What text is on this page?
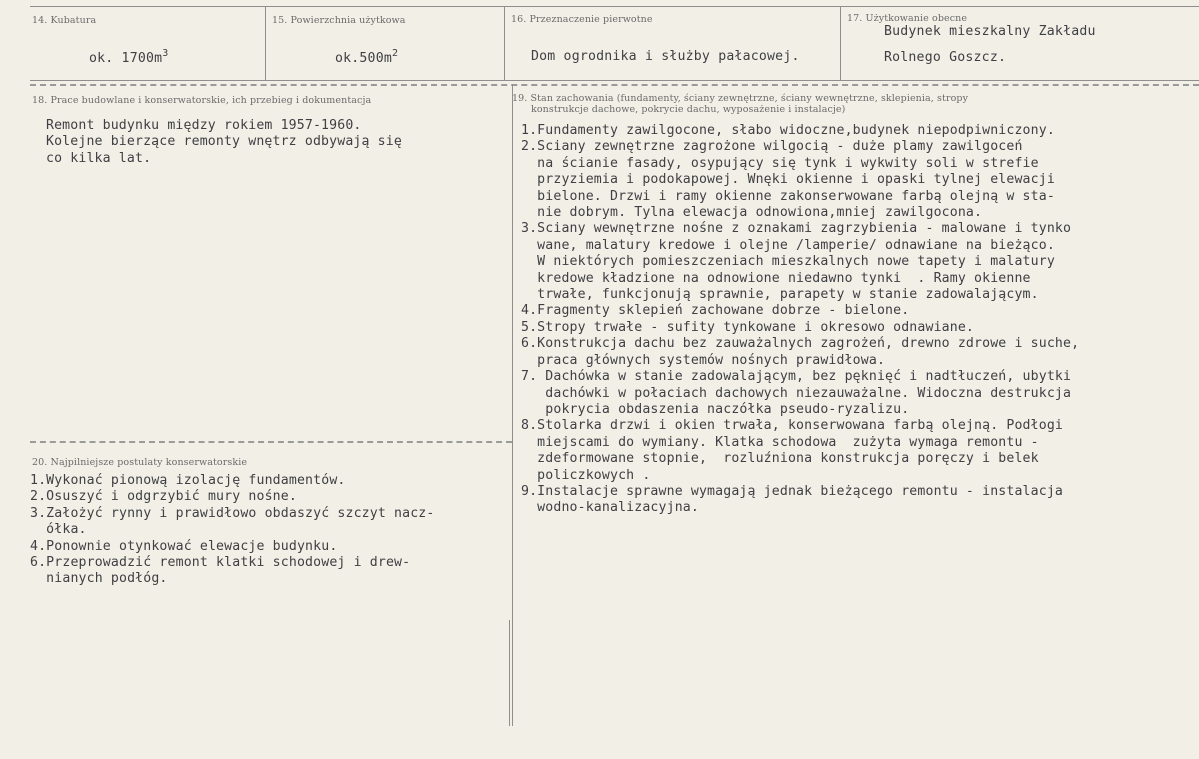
14. Kubatura
ok. $1700m^3$
15. Powierzchnia użytkowa
$ok.500m^2$
16. Przeznaczenie pierwotne
Dom ogrodnika i służby pałacowej.
17. Użytkowanie obecne
Budynek mieszkalny Zakładu
Rolnego Goszcz.
18. Prace budowlane i konserwatorskie, ich przebieg i dokumentacja
Remont budynku między rokiem 1957-1960.
Kolejne bierzące remonty wnętrz odbywają się
co kilka lat.
19. Stan zachowania (fundamenty, ściany zewnętrzne, ściany wewnętrzne, sklepienia, stropy
konstrukcje dachowe, pokrycie dachu, wyposażenie i instalacje)
1.Fundamenty zawilgocone, słabo widoczne,budynek niepodpiwniczony.
2.Sciany zewnętrzne zagrożone wilgocią - duże plamy zawilgoceń
na ścianie fasady, osypujący się tynk i wykwity soli w strefie
przyziemia i podokapowej. Wnęki okienne i opaski tylnej elewacji
bielone. Drzwi i ramy okienne zakonserwowane farbą olejną w sta-
nie dobrym. Tylna elewacja odnowiona,mniej zawilgocona.
3.Sciany wewnętrzne nośne z oznakami zagrzybienia - malowane i tynko
wane, malatury kredowe i olejne /lamperie/ odnawiane na bieżąco.
W niektórych pomieszczeniach mieszkalnych nowe tapety i malatury
kredowe kładzione na odnowione niedawno tynki  . Ramy okienne
trwałe, funkcjonują sprawnie, parapety w stanie zadowalającym.
4.Fragmenty sklepień zachowane dobrze - bielone.
5.Stropy trwałe - sufity tynkowane i okresowo odnawiane.
6.Konstrukcja dachu bez zauważalnych zagrożeń, drewno zdrowe i suche,
praca głównych systemów nośnych prawidłowa.
7. Dachówka w stanie zadowalającym, bez pęknięć i nadtłuczeń, ubytki
dachówki w połaciach dachowych niezauważalne. Widoczna destrukcja
pokrycia obdaszenia naczółka pseudo-ryzalizu.
8.Stolarka drzwi i okien trwała, konserwowana farbą olejną. Podłogi
miejscami do wymiany. Klatka schodowa  zużyta wymaga remontu -
zdeformowane stopnie,  rozluźniona konstrukcja poręczy i belek
policzkowych .
9.Instalacje sprawne wymagają jednak bieżącego remontu - instalacja
wodno-kanalizacyjna.
20. Najpilniejsze postulaty konserwatorskie
1.Wykonać pionową izolację fundamentów.
2.Osuszyć i odgrzybić mury nośne.
3.Założyć rynny i prawidłowo obdaszyć szczyt nacz-
ółka.
4.Ponownie otynkować elewacje budynku.
6.Przeprowadzić remont klatki schodowej i drew-
nianych podłóg.
